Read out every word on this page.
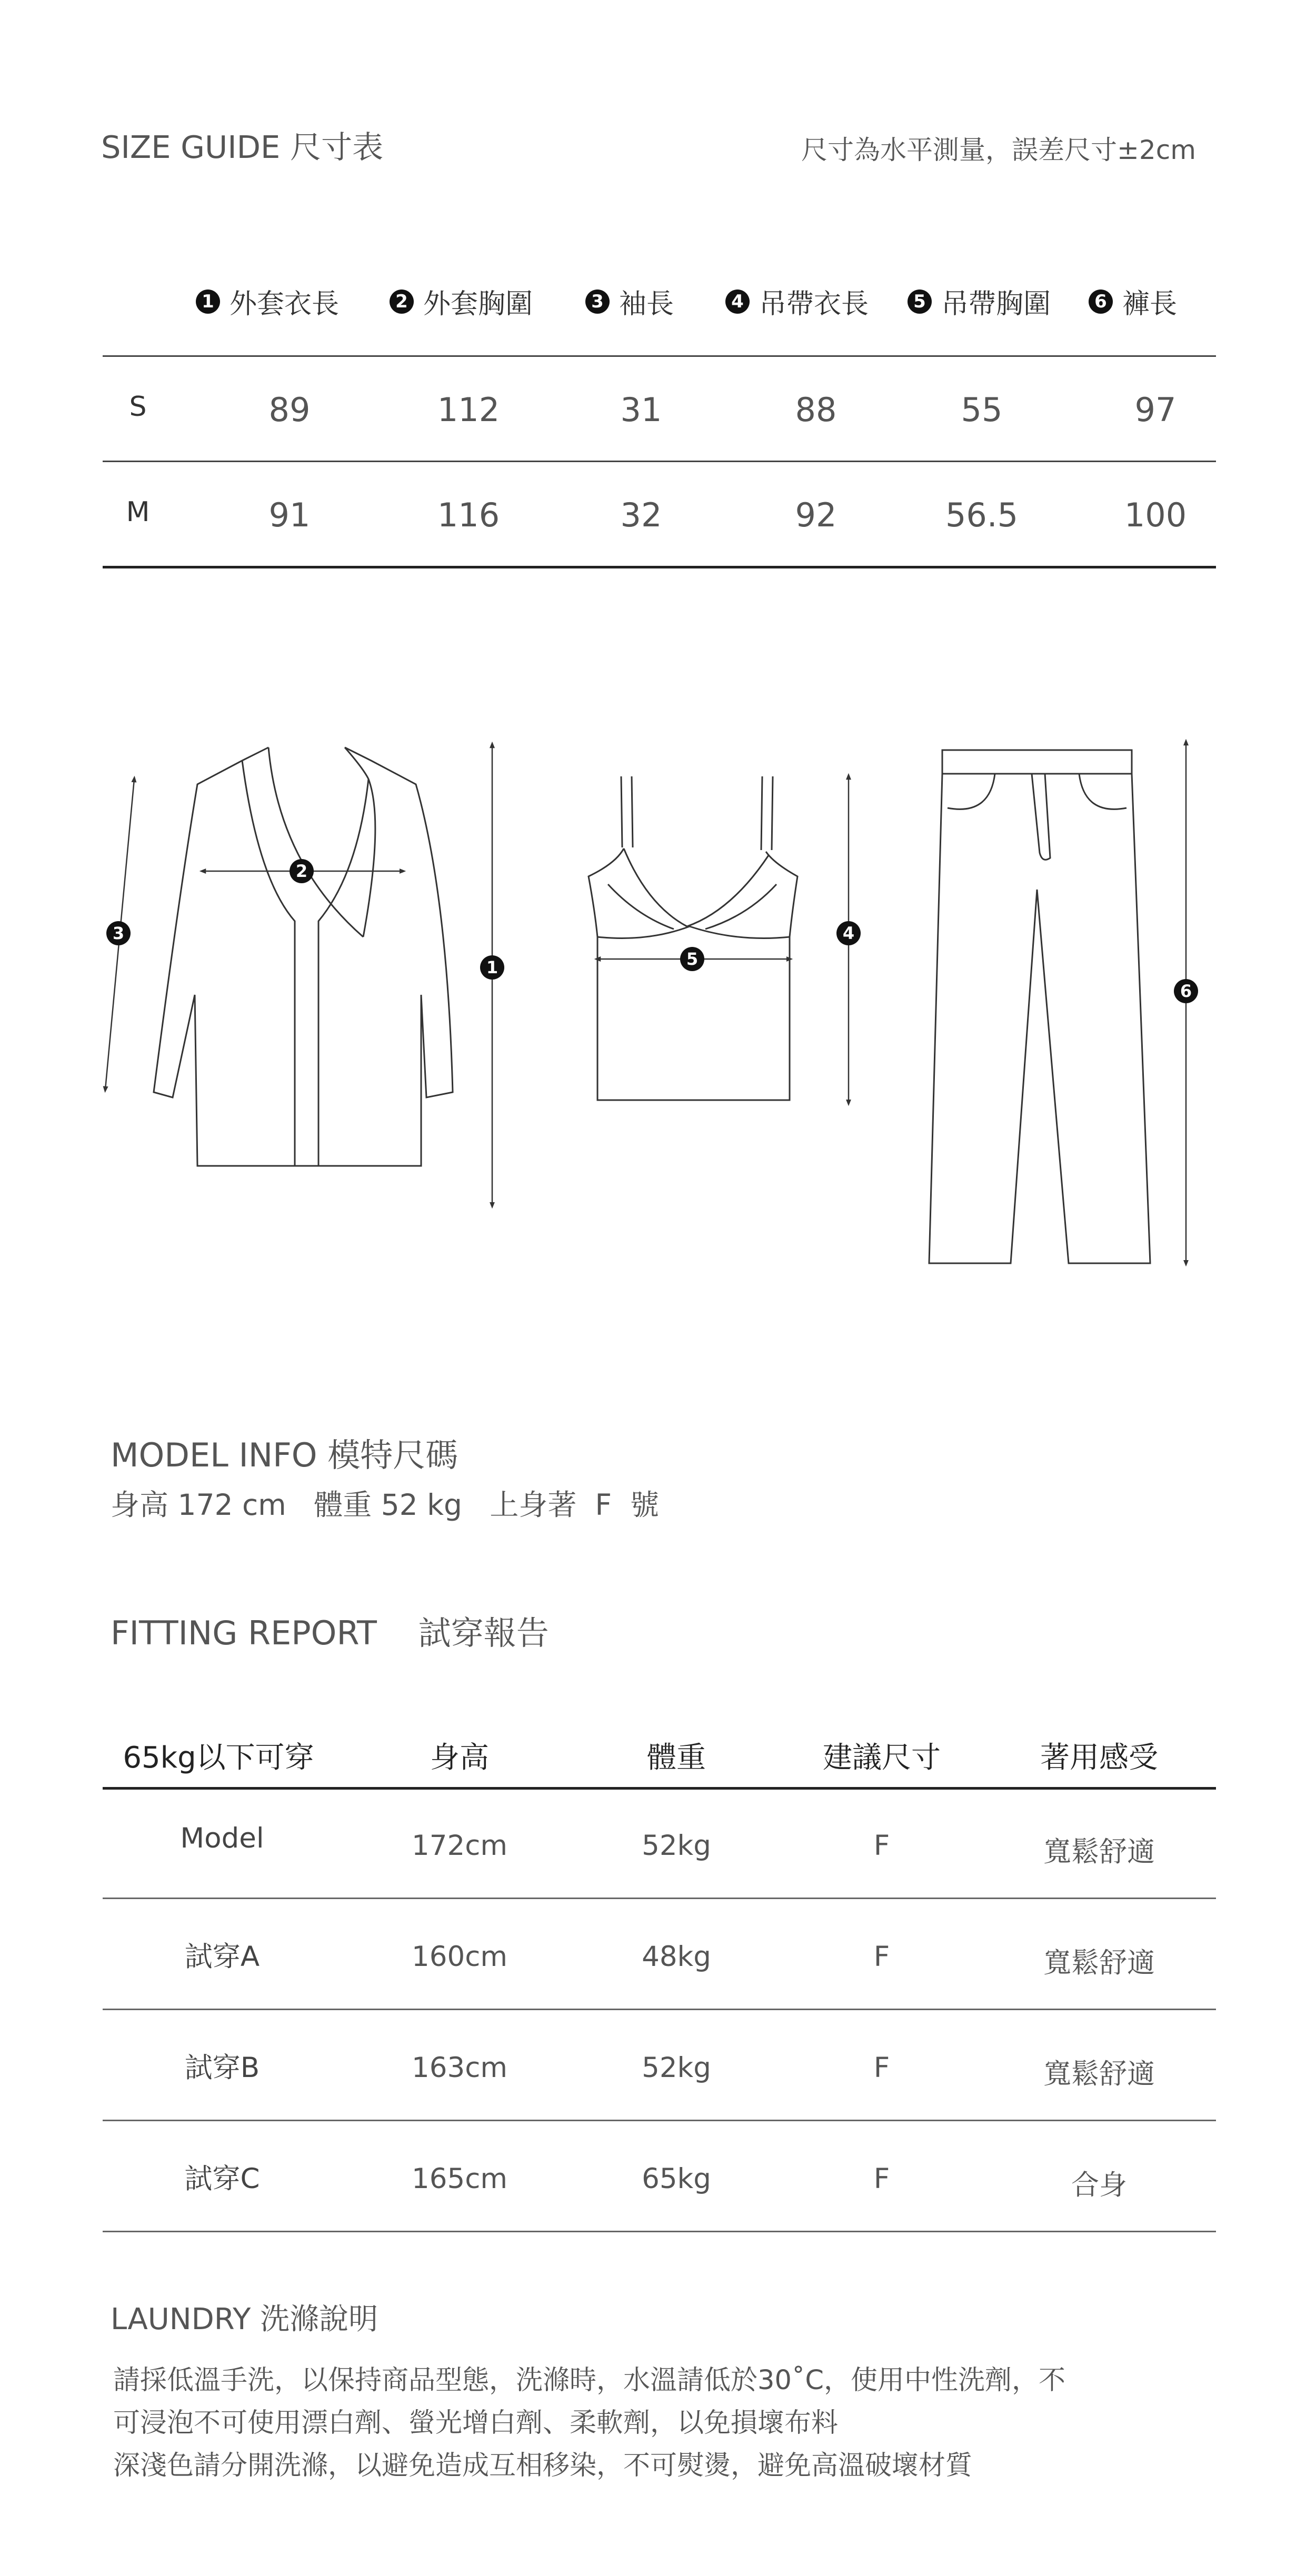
SIZE GUIDE 尺寸表	尺寸為水平測量，誤差尺寸±2cm
1 外套衣長	2 外套胸圍	3 袖長	4 吊帶衣長	5 吊帶胸圍	6 褲長
S	89	112	31	88	55	97
M	91	116	32	92	56.5	100
1
2
3	4
5
6
MODEL INFO 模特尺碼
身高 172 cm   體重 52 kg   上身著  F  號
FITTING REPORT    試穿報告
65kg以下可穿	身高	體重	建議尺寸	著用感受
Model	172cm	52kg	F	寬鬆舒適
試穿A	160cm	48kg	F	寬鬆舒適
試穿B	163cm	52kg	F	寬鬆舒適
試穿C	165cm	65kg	F	合身
LAUNDRY 洗滌說明
請採低溫手洗，以保持商品型態，洗滌時，水溫請低於30˚C，使用中性洗劑，不
可浸泡不可使用漂白劑、螢光增白劑、柔軟劑，以免損壞布料
深淺色請分開洗滌，以避免造成互相移染，不可熨燙，避免高溫破壞材質
